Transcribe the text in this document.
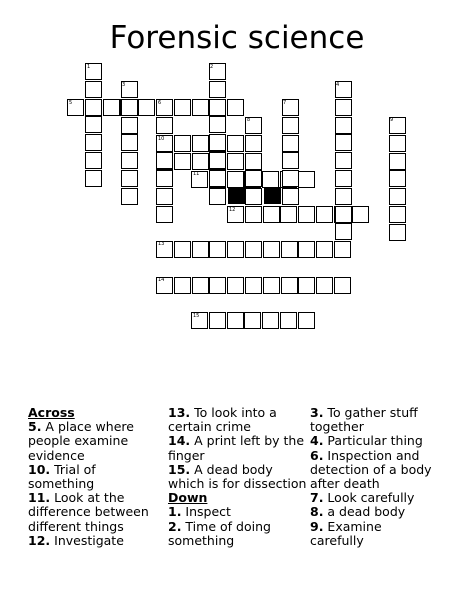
Forensic science
1	2
3	4
5	6	7
8	9
10
11
12
13
14
15

Across

5. A place where people examine evidence

10. Trial of something

11. Look at the difference between different things

12. Investigate

13. To look into a certain crime

14. A print left by the finger

15. A dead body which is for dissection

Down

1. Inspect

2. Time of doing something

3. To gather stuff together

4. Particular thing

6. Inspection and detection of a body after death

7. Look carefully

8. a dead body

9. Examine carefully
